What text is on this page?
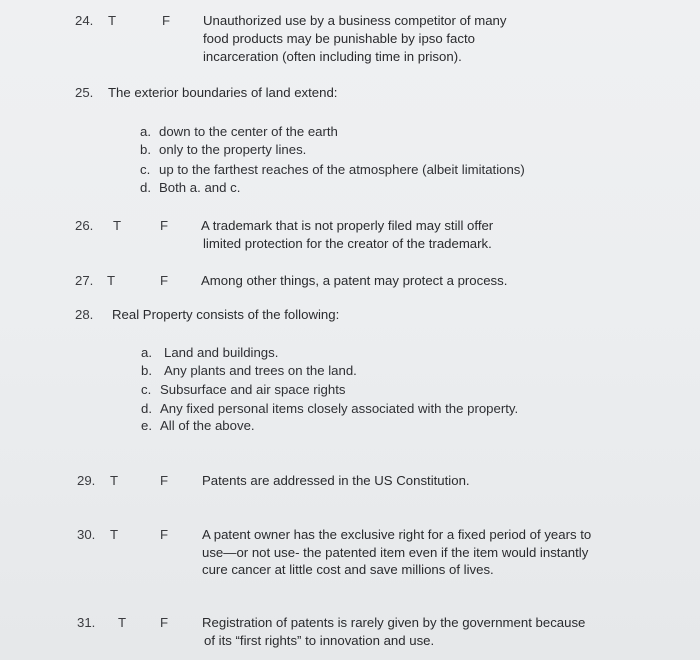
24. T	F Unauthorized use by a business competitor of many
food products may be punishable by ipso facto
incarceration (often including time in prison).
25. The exterior boundaries of land extend:
a. down to the center of the earth
b. only to the property lines.
c. up to the farthest reaches of the atmosphere (albeit limitations)
d. Both a. and c.
26. T	F A trademark that is not properly filed may still offer
limited protection for the creator of the trademark.
27. T	F Among other things, a patent may protect a process.
28. Real Property consists of the following:
a. Land and buildings.
b. Any plants and trees on the land.
c. Subsurface and air space rights
d. Any fixed personal items closely associated with the property.
e. All of the above.
29. T	F	Patents are addressed in the US Constitution.
30. T	F	A patent owner has the exclusive right for a fixed period of years to
use—or not use- the patented item even if the item would instantly
cure cancer at little cost and save millions of lives.
31. T	F	Registration of patents is rarely given by the government because
of its “first rights” to innovation and use.
